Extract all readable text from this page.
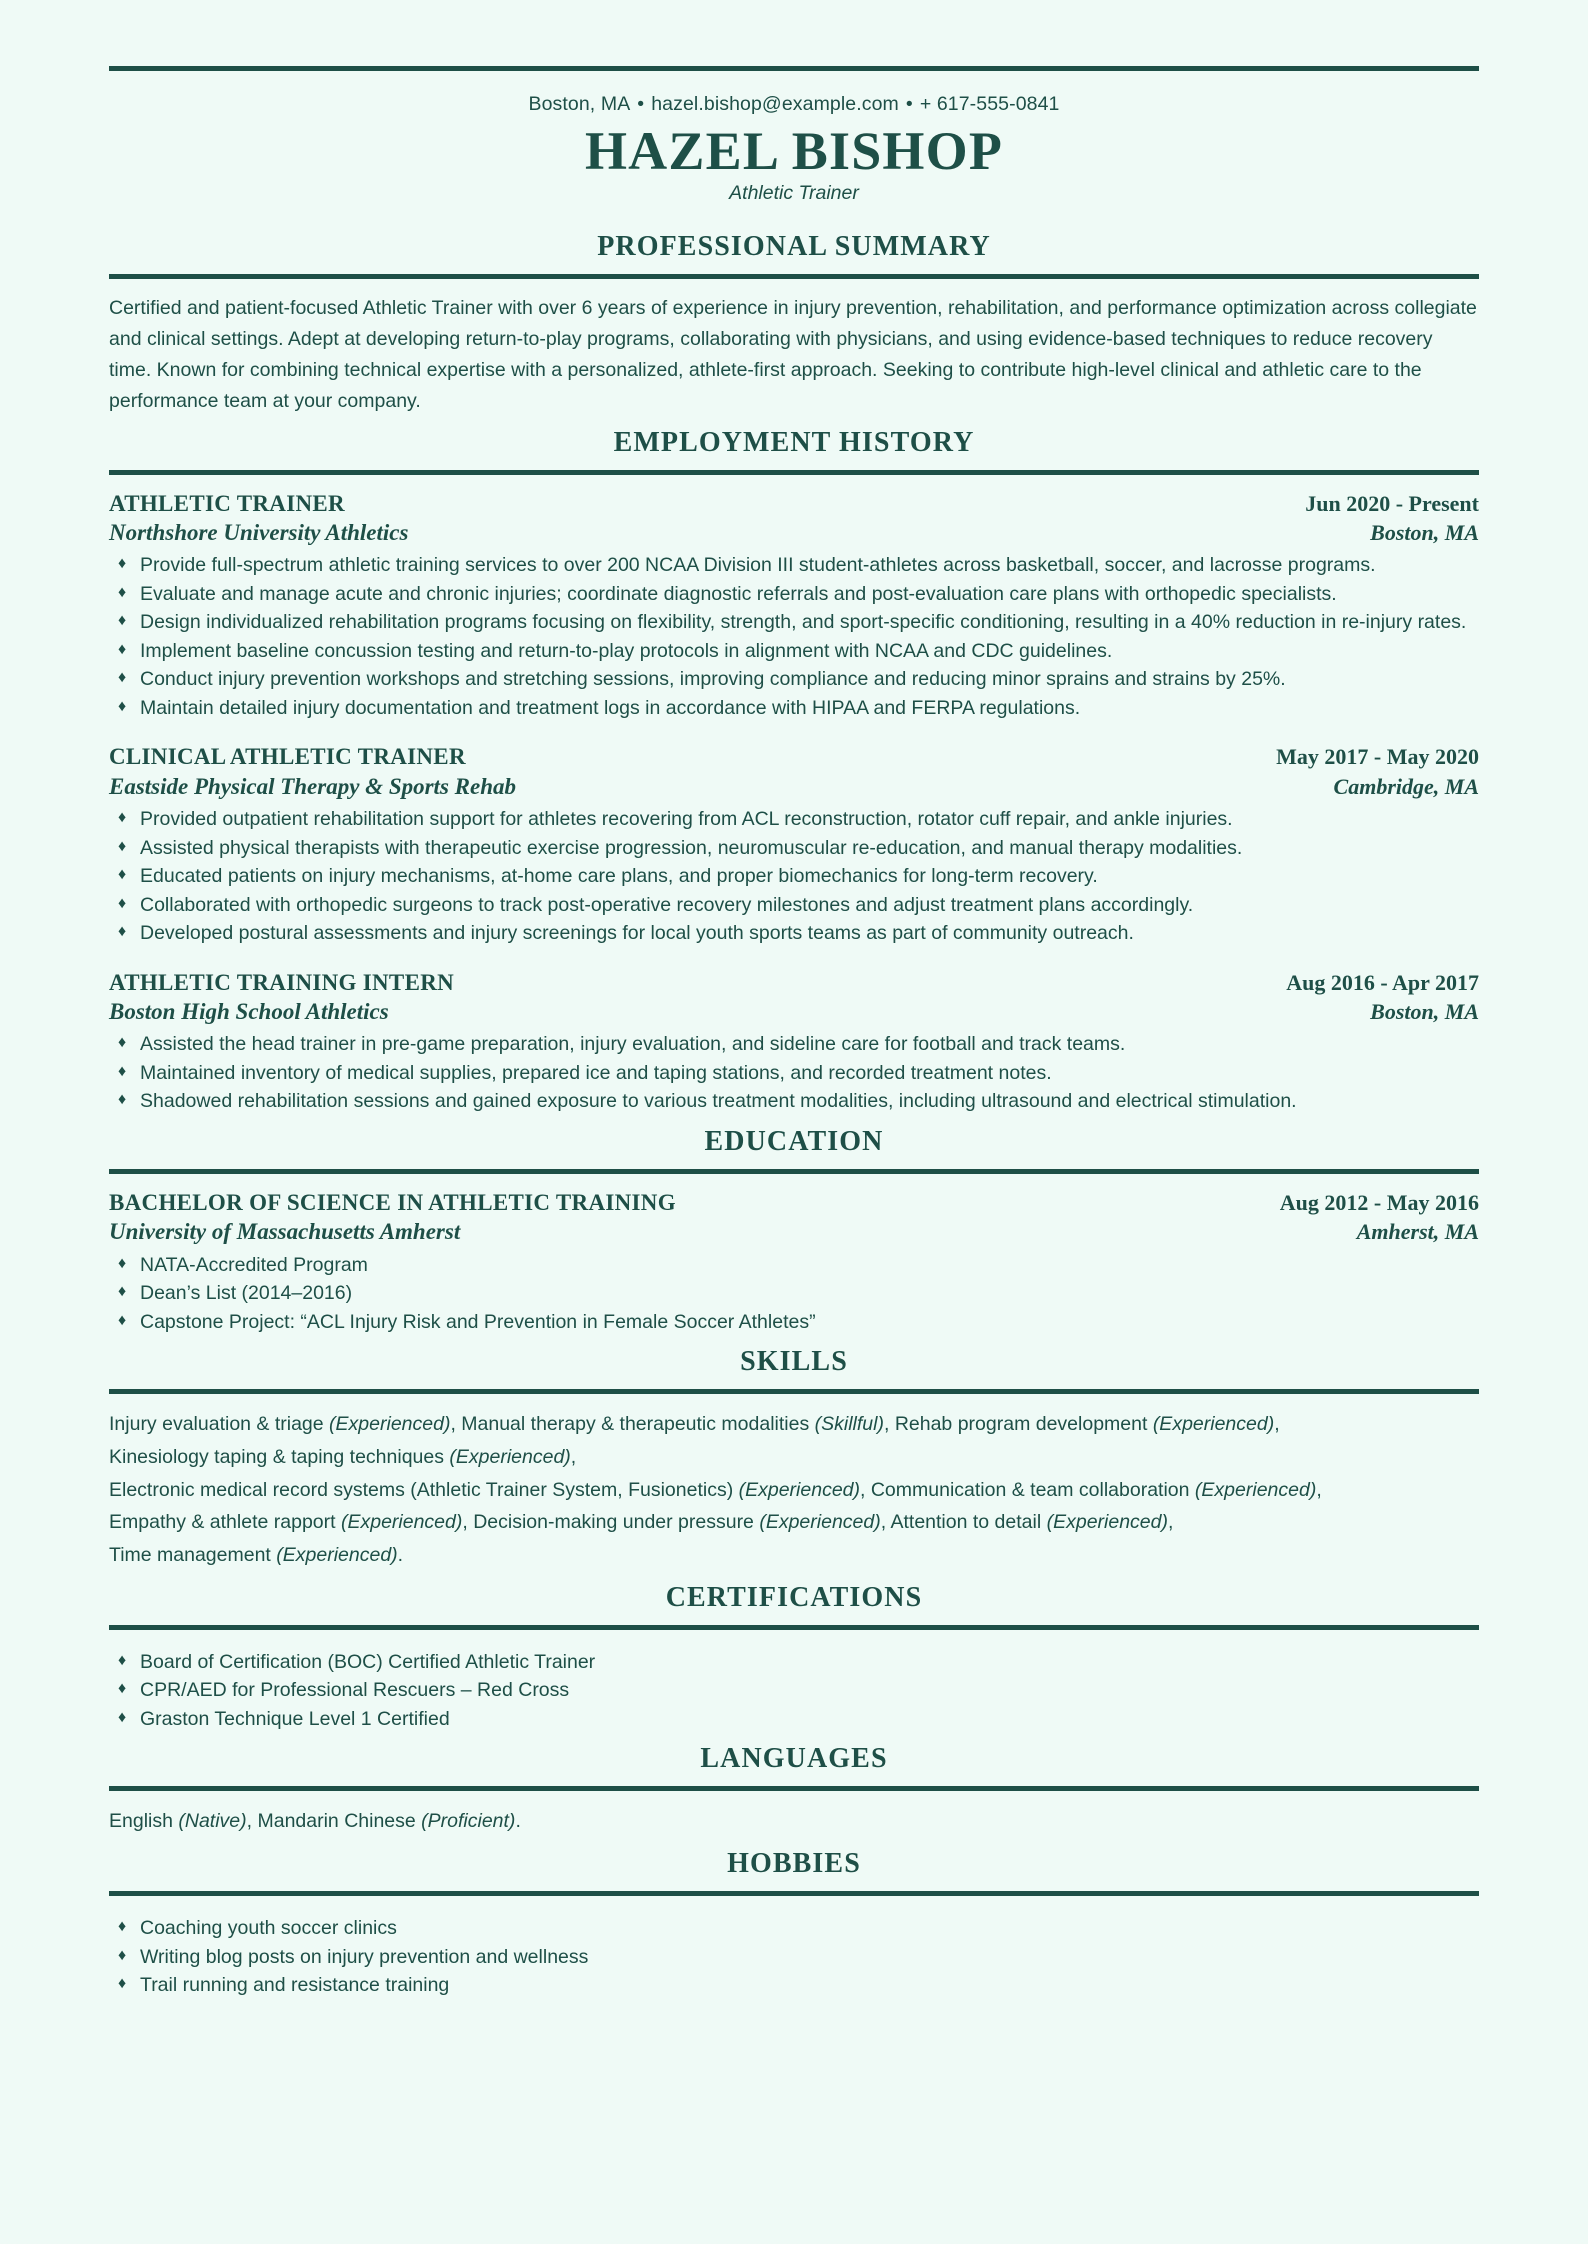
Boston, MA • hazel.bishop@example.com • + 617-555-0841
HAZEL BISHOP
Athletic Trainer
PROFESSIONAL SUMMARY

Certified and patient-focused Athletic Trainer with over 6 years of experience in injury prevention, rehabilitation, and performance optimization across collegiate and clinical settings. Adept at developing return-to-play programs, collaborating with physicians, and using evidence-based techniques to reduce recovery time. Known for combining technical expertise with a personalized, athlete-first approach. Seeking to contribute high-level clinical and athletic care to the performance team at your company.

EMPLOYMENT HISTORY
ATHLETIC TRAINER	Jun 2020 - Present
Northshore University Athletics	Boston, MA
♦ Provide full-spectrum athletic training services to over 200 NCAA Division III student-athletes across basketball, soccer, and lacrosse programs.
♦ Evaluate and manage acute and chronic injuries; coordinate diagnostic referrals and post-evaluation care plans with orthopedic specialists.
♦ Design individualized rehabilitation programs focusing on flexibility, strength, and sport-specific conditioning, resulting in a 40% reduction in re-injury rates.
♦ Implement baseline concussion testing and return-to-play protocols in alignment with NCAA and CDC guidelines.
♦ Conduct injury prevention workshops and stretching sessions, improving compliance and reducing minor sprains and strains by 25%.
♦ Maintain detailed injury documentation and treatment logs in accordance with HIPAA and FERPA regulations.
CLINICAL ATHLETIC TRAINER	May 2017 - May 2020
Eastside Physical Therapy & Sports Rehab	Cambridge, MA
♦ Provided outpatient rehabilitation support for athletes recovering from ACL reconstruction, rotator cuff repair, and ankle injuries.
♦ Assisted physical therapists with therapeutic exercise progression, neuromuscular re-education, and manual therapy modalities.
♦ Educated patients on injury mechanisms, at-home care plans, and proper biomechanics for long-term recovery.
♦ Collaborated with orthopedic surgeons to track post-operative recovery milestones and adjust treatment plans accordingly.
♦ Developed postural assessments and injury screenings for local youth sports teams as part of community outreach.
ATHLETIC TRAINING INTERN	Aug 2016 - Apr 2017
Boston High School Athletics	Boston, MA
♦ Assisted the head trainer in pre-game preparation, injury evaluation, and sideline care for football and track teams.
♦ Maintained inventory of medical supplies, prepared ice and taping stations, and recorded treatment notes.
♦ Shadowed rehabilitation sessions and gained exposure to various treatment modalities, including ultrasound and electrical stimulation.
EDUCATION
BACHELOR OF SCIENCE IN ATHLETIC TRAINING	Aug 2012 - May 2016
University of Massachusetts Amherst	Amherst, MA
♦ NATA-Accredited Program
♦ Dean’s List (2014–2016)
♦ Capstone Project: “ACL Injury Risk and Prevention in Female Soccer Athletes”
SKILLS

Injury evaluation & triage (Experienced), Manual therapy & therapeutic modalities (Skillful), Rehab program development (Experienced),

Kinesiology taping & taping techniques (Experienced),

Electronic medical record systems (Athletic Trainer System, Fusionetics) (Experienced), Communication & team collaboration (Experienced),

Empathy & athlete rapport (Experienced), Decision-making under pressure (Experienced), Attention to detail (Experienced),

Time management (Experienced).

CERTIFICATIONS
♦ Board of Certification (BOC) Certified Athletic Trainer
♦ CPR/AED for Professional Rescuers – Red Cross
♦ Graston Technique Level 1 Certified
LANGUAGES

English (Native), Mandarin Chinese (Proficient).

HOBBIES
♦ Coaching youth soccer clinics
♦ Writing blog posts on injury prevention and wellness
♦ Trail running and resistance training
